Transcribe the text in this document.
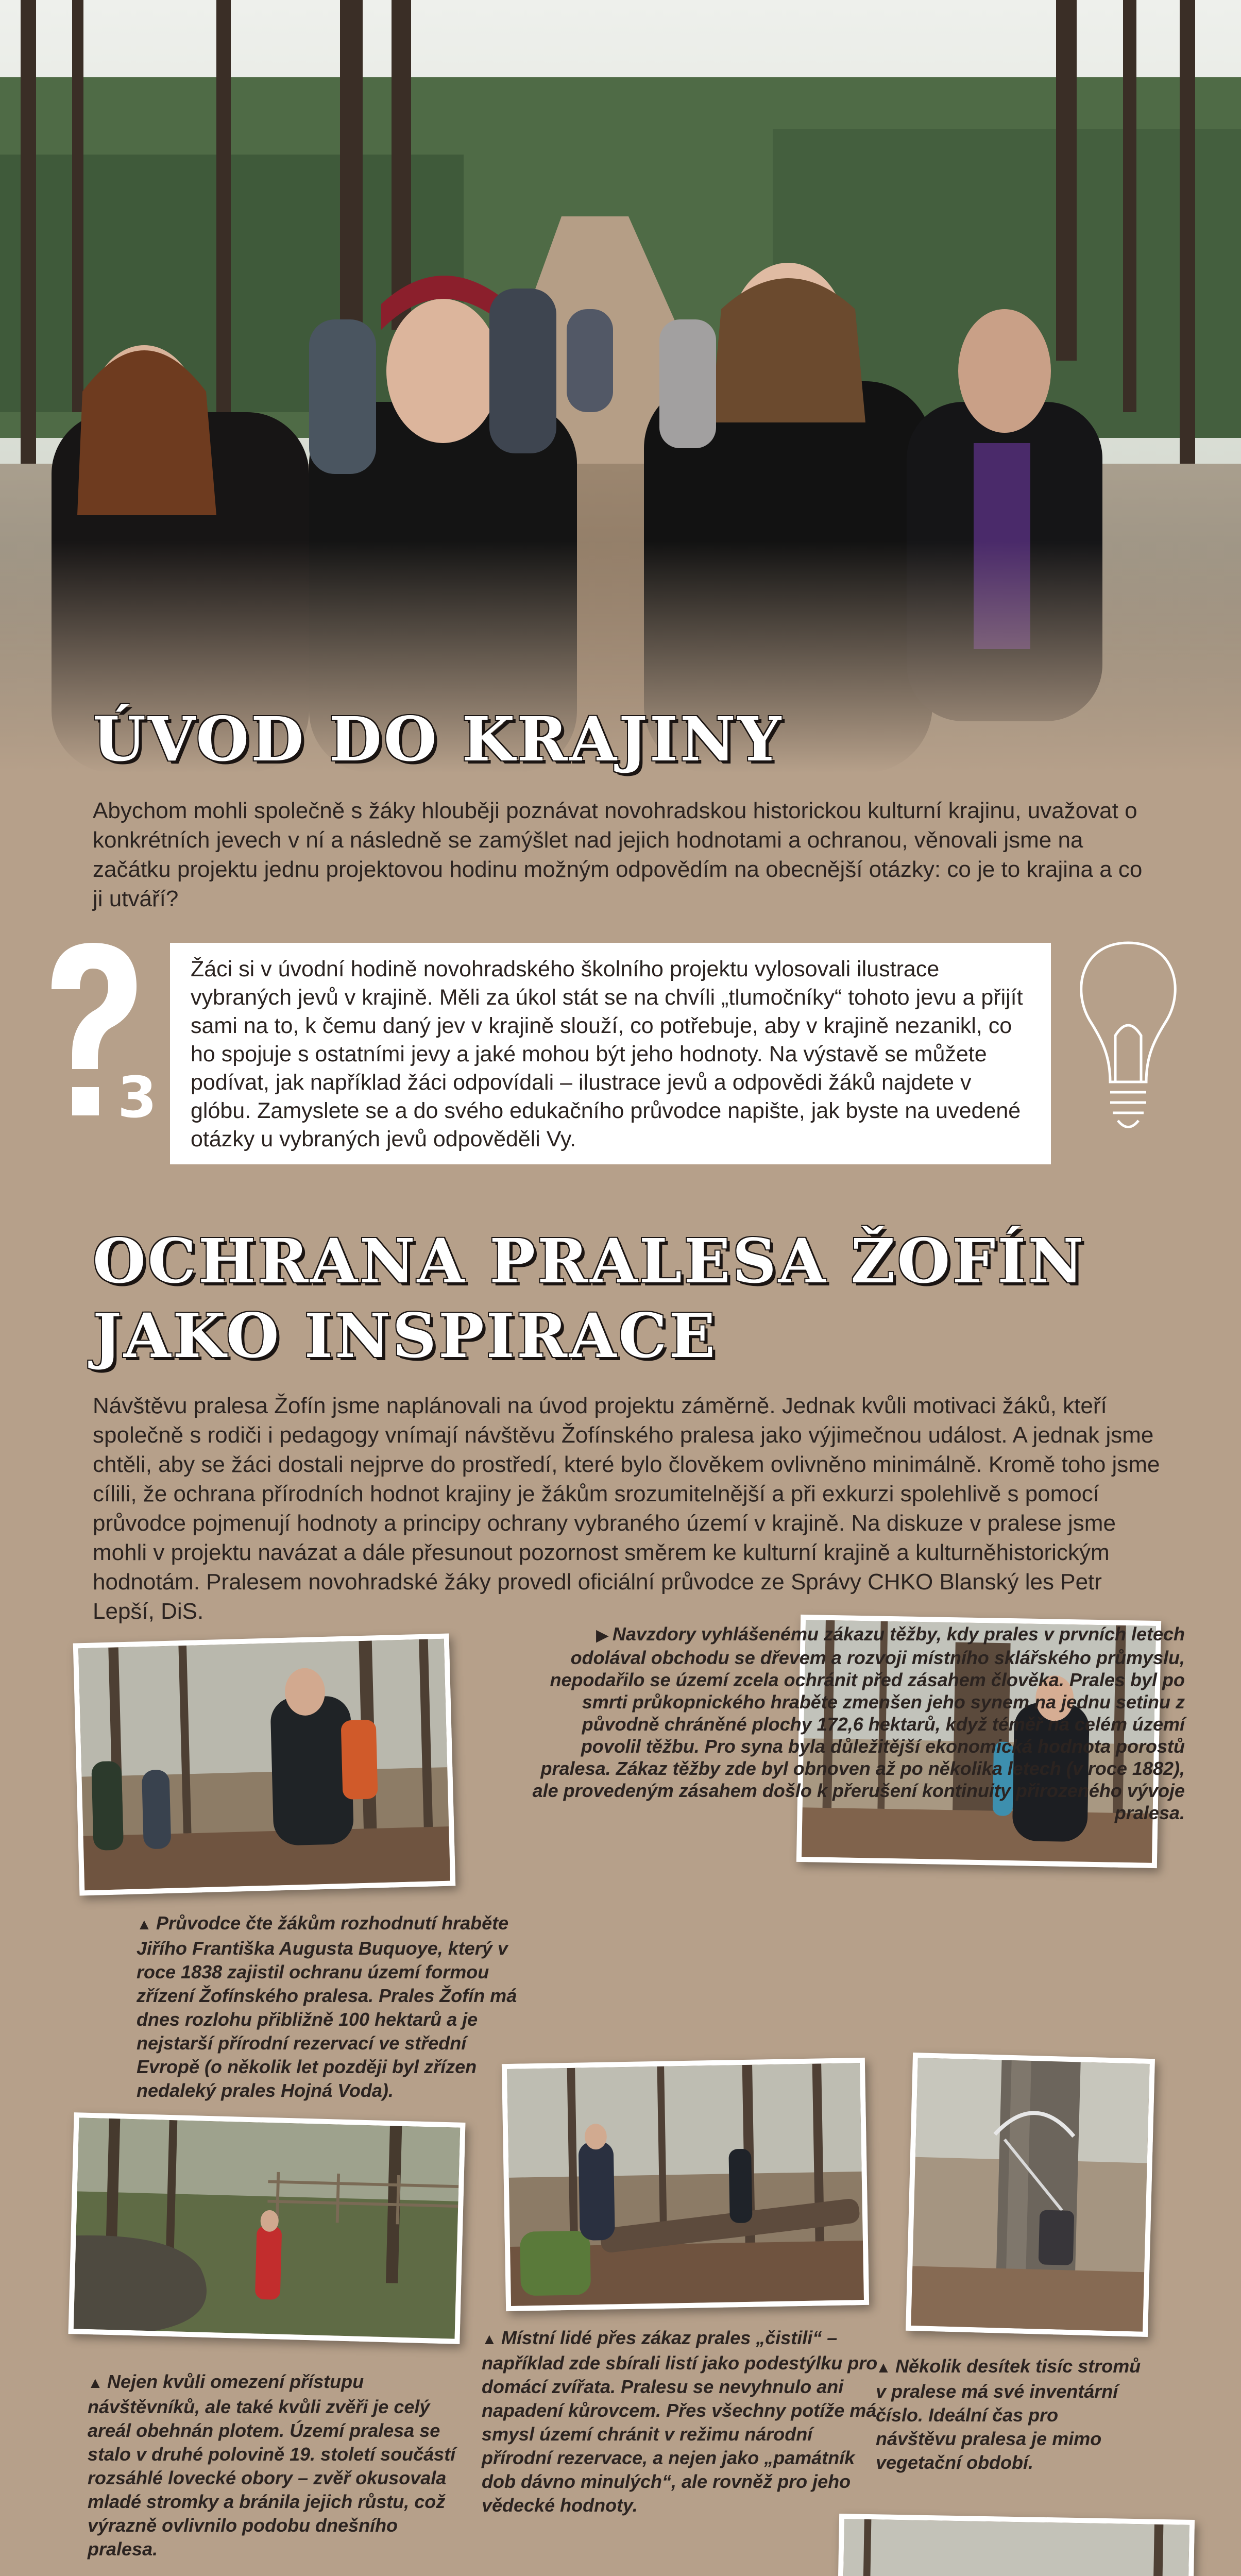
ÚVOD DO KRAJINY

Abychom mohli společně s žáky hlouběji poznávat novohradskou historickou kulturní krajinu, uvažovat o konkrétních jevech v ní a následně se zamýšlet nad jejich hodnotami a ochranou, věnovali jsme na začátku projektu jednu projektovou hodinu možným odpovědím na obecnější otázky: co je to krajina a co ji utváří?

3
Žáci si v úvodní hodině novohradského školního projektu vylosovali ilustrace vybraných jevů v krajině. Měli za úkol stát se na chvíli „tlumočníky“ tohoto jevu a přijít sami na to, k čemu daný jev v krajině slouží, co potřebuje, aby v krajině nezanikl, co ho spojuje s ostatními jevy a jaké mohou být jeho hodnoty. Na výstavě se můžete podívat, jak například žáci odpovídali – ilustrace jevů a odpovědi žáků najdete v glóbu. Zamyslete se a do svého edukačního průvodce napište, jak byste na uvedené otázky u vybraných jevů odpověděli Vy.
OCHRANA PRALESA ŽOFÍN
JAKO INSPIRACE

Návštěvu pralesa Žofín jsme naplánovali na úvod projektu záměrně. Jednak kvůli motivaci žáků, kteří společně s rodiči i pedagogy vnímají návštěvu Žofínského pralesa jako výjimečnou událost. A jednak jsme chtěli, aby se žáci dostali nejprve do prostředí, které bylo člověkem ovlivněno minimálně. Kromě toho jsme cílili, že ochrana přírodních hodnot krajiny je žákům srozumitelnější a při exkurzi spolehlivě s pomocí průvodce pojmenují hodnoty a principy ochrany vybraného území v krajině. Na diskuze v pralese jsme mohli v projektu navázat a dále přesunout pozornost směrem ke kulturní krajině a kulturněhistorickým hodnotám. Pralesem novohradské žáky provedl oficiální průvodce ze Správy CHKO Blanský les Petr Lepší, DiS.

▲ Průvodce čte žákům rozhodnutí hraběte Jiřího Františka Augusta Buquoye, který v roce 1838 zajistil ochranu území formou zřízení Žofínského pralesa. Prales Žofín má dnes rozlohu přibližně 100 hektarů a je nejstarší přírodní rezervací ve střední Evropě (o několik let později byl zřízen nedaleký prales Hojná Voda).

▶ Navzdory vyhlášenému zákazu těžby, kdy prales v prvních letech odolával obchodu se dřevem a rozvoji místního sklářského průmyslu, nepodařilo se území zcela ochránit před zásahem člověka. Prales byl po smrti průkopnického hraběte zmenšen jeho synem na jednu setinu z původně chráněné plochy 172,6 hektarů, když téměř na celém území povolil těžbu. Pro syna byla důležitější ekonomická hodnota porostů pralesa. Zákaz těžby zde byl obnoven až po několika letech (v roce 1882), ale provedeným zásahem došlo k přerušení kontinuity přirozeného vývoje pralesa.

▲ Nejen kvůli omezení přístupu návštěvníků, ale také kvůli zvěři je celý areál obehnán plotem. Území pralesa se stalo v druhé polovině 19. století součástí rozsáhlé lovecké obory – zvěř okusovala mladé stromky a bránila jejich růstu, což výrazně ovlivnilo podobu dnešního pralesa.

▲ Místní lidé přes zákaz prales „čistili“ – například zde sbírali listí jako podestýlku pro domácí zvířata. Pralesu se nevyhnulo ani napadení kůrovcem. Přes všechny potíže má smysl území chránit v režimu národní přírodní rezervace, a nejen jako „památník dob dávno minulých“, ale rovněž pro jeho vědecké hodnoty.

▲ Několik desítek tisíc stromů v pralese má své inventární číslo. Ideální čas pro návštěvu pralesa je mimo vegetační období.
